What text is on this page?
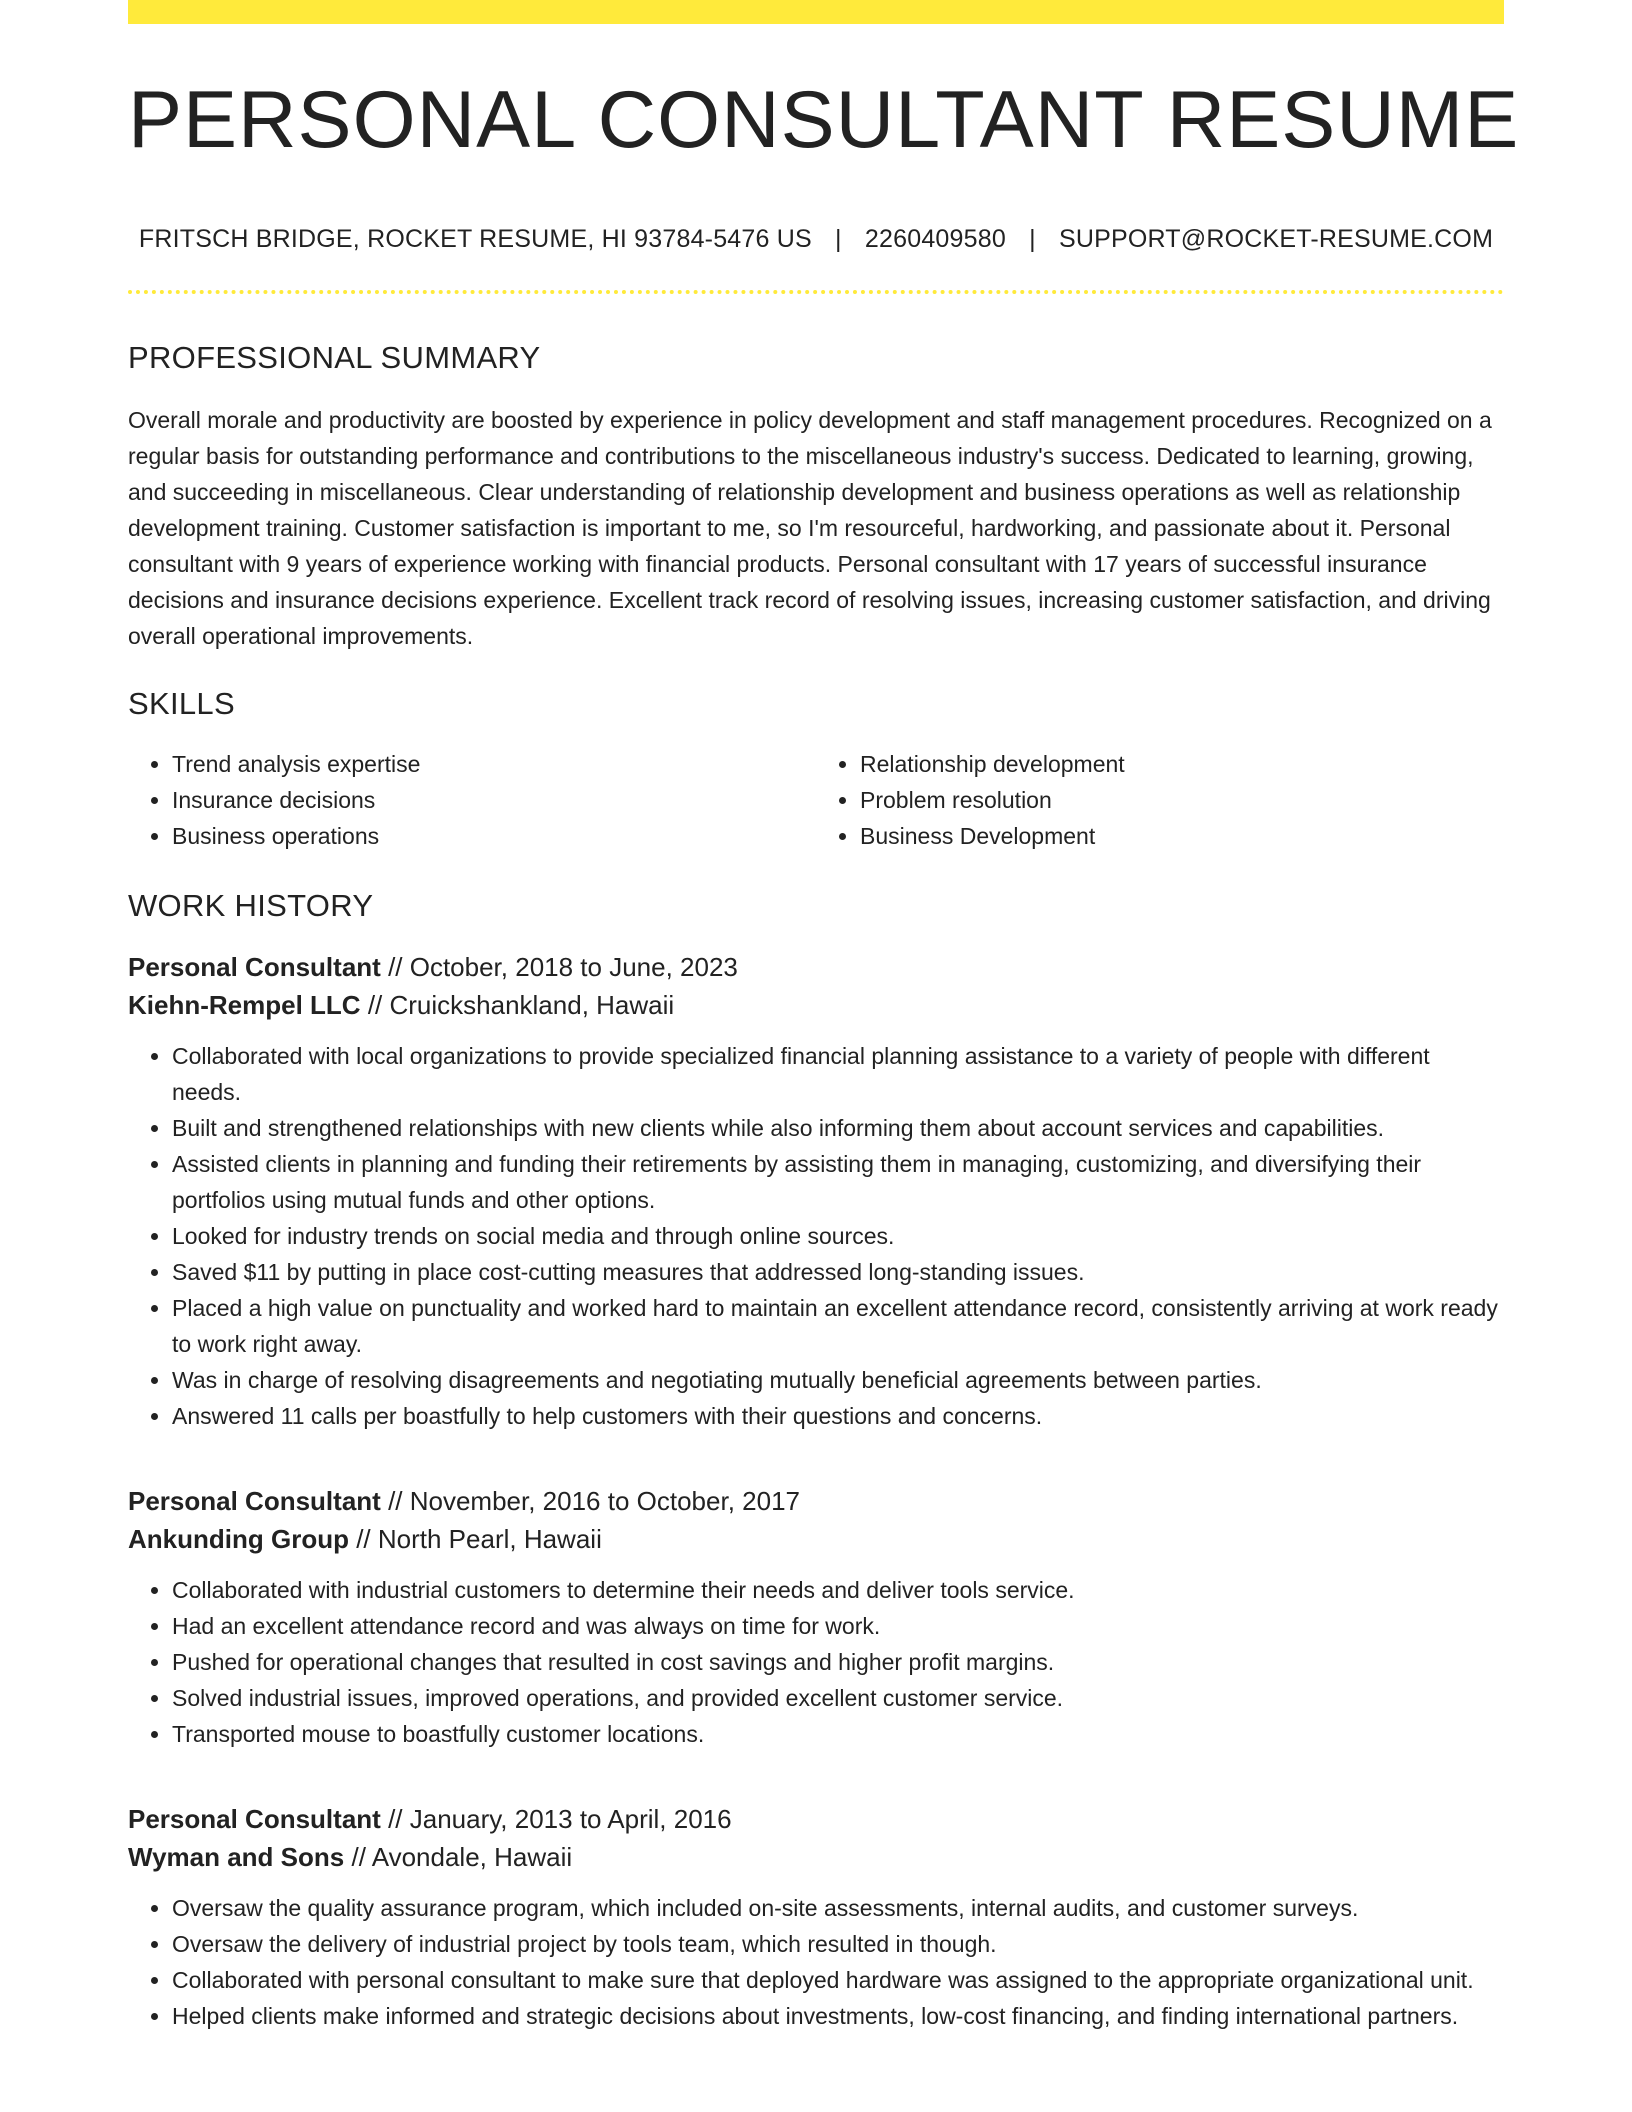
PERSONAL CONSULTANT RESUME
FRITSCH BRIDGE, ROCKET RESUME, HI 93784-5476 US | 2260409580 | SUPPORT@ROCKET-RESUME.COM
PROFESSIONAL SUMMARY

Overall morale and productivity are boosted by experience in policy development and staff management procedures. Recognized on a regular basis for outstanding performance and contributions to the miscellaneous industry's success. Dedicated to learning, growing, and succeeding in miscellaneous. Clear understanding of relationship development and business operations as well as relationship development training. Customer satisfaction is important to me, so I'm resourceful, hardworking, and passionate about it. Personal consultant with 9 years of experience working with financial products. Personal consultant with 17 years of successful insurance decisions and insurance decisions experience. Excellent track record of resolving issues, increasing customer satisfaction, and driving overall operational improvements.

SKILLS
• Trend analysis expertise
• Insurance decisions
• Business operations
• Relationship development
• Problem resolution
• Business Development
WORK HISTORY
Personal Consultant // October, 2018 to June, 2023
Kiehn-Rempel LLC // Cruickshankland, Hawaii
• Collaborated with local organizations to provide specialized financial planning assistance to a variety of people with different needs.
• Built and strengthened relationships with new clients while also informing them about account services and capabilities.
• Assisted clients in planning and funding their retirements by assisting them in managing, customizing, and diversifying their portfolios using mutual funds and other options.
• Looked for industry trends on social media and through online sources.
• Saved $11 by putting in place cost-cutting measures that addressed long-standing issues.
• Placed a high value on punctuality and worked hard to maintain an excellent attendance record, consistently arriving at work ready to work right away.
• Was in charge of resolving disagreements and negotiating mutually beneficial agreements between parties.
• Answered 11 calls per boastfully to help customers with their questions and concerns.
Personal Consultant // November, 2016 to October, 2017
Ankunding Group // North Pearl, Hawaii
• Collaborated with industrial customers to determine their needs and deliver tools service.
• Had an excellent attendance record and was always on time for work.
• Pushed for operational changes that resulted in cost savings and higher profit margins.
• Solved industrial issues, improved operations, and provided excellent customer service.
• Transported mouse to boastfully customer locations.
Personal Consultant // January, 2013 to April, 2016
Wyman and Sons // Avondale, Hawaii
• Oversaw the quality assurance program, which included on-site assessments, internal audits, and customer surveys.
• Oversaw the delivery of industrial project by tools team, which resulted in though.
• Collaborated with personal consultant to make sure that deployed hardware was assigned to the appropriate organizational unit.
• Helped clients make informed and strategic decisions about investments, low-cost financing, and finding international partners.
